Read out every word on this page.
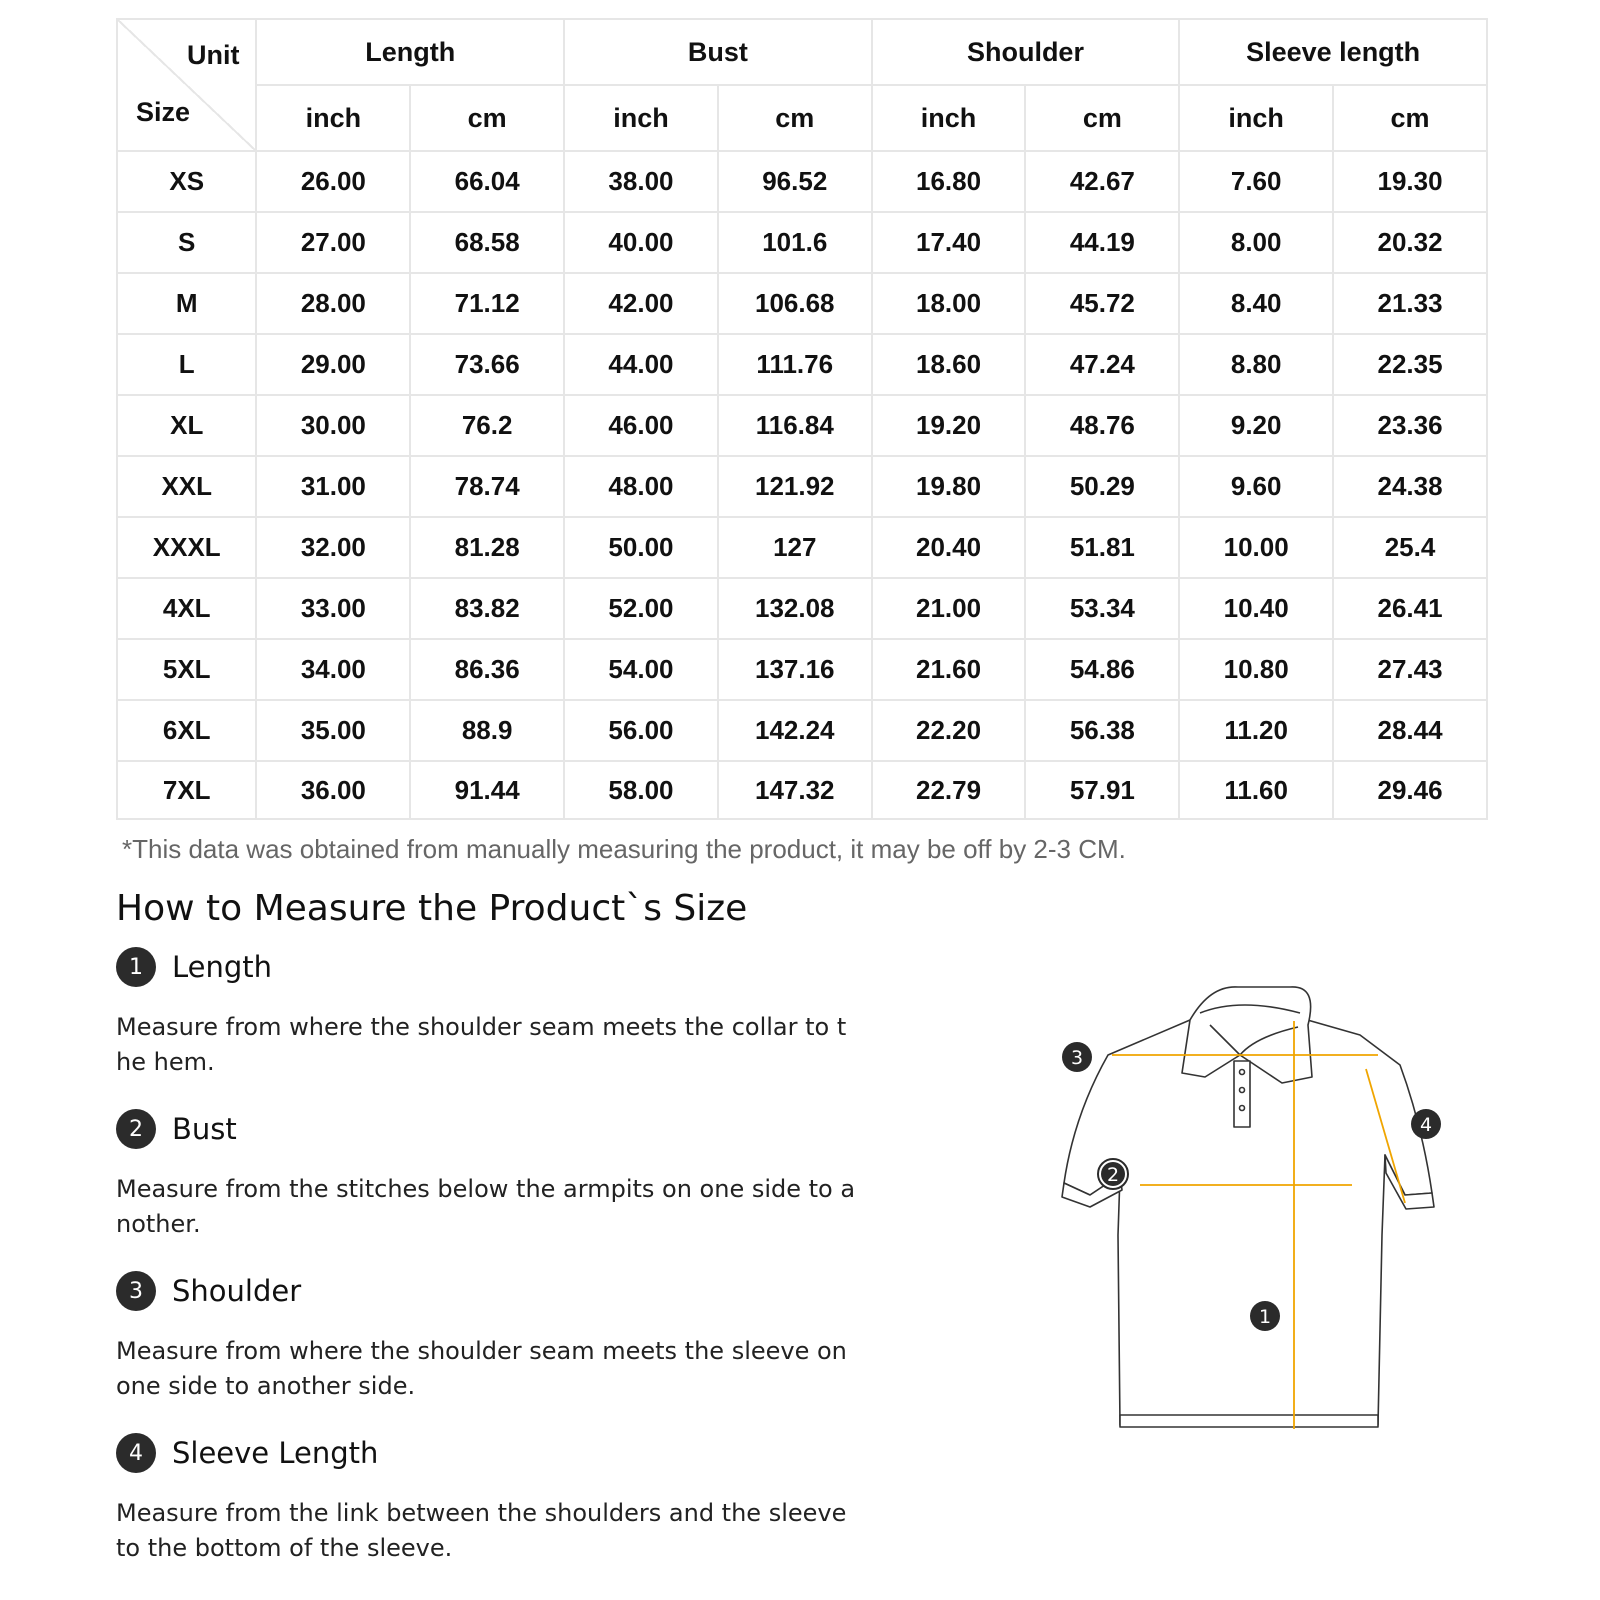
Unit
Size	Length		Bust		Shoulder		Sleeve length	
	inch	cm	inch	cm	inch	cm	inch	cm
XS	26.00	66.04	38.00	96.52	16.80	42.67	7.60	19.30
S	27.00	68.58	40.00	101.6	17.40	44.19	8.00	20.32
M	28.00	71.12	42.00	106.68	18.00	45.72	8.40	21.33
L	29.00	73.66	44.00	111.76	18.60	47.24	8.80	22.35
XL	30.00	76.2	46.00	116.84	19.20	48.76	9.20	23.36
XXL	31.00	78.74	48.00	121.92	19.80	50.29	9.60	24.38
XXXL	32.00	81.28	50.00	127	20.40	51.81	10.00	25.4
4XL	33.00	83.82	52.00	132.08	21.00	53.34	10.40	26.41
5XL	34.00	86.36	54.00	137.16	21.60	54.86	10.80	27.43
6XL	35.00	88.9	56.00	142.24	22.20	56.38	11.20	28.44
7XL	36.00	91.44	58.00	147.32	22.79	57.91	11.60	29.46
*This data was obtained from manually measuring the product, it may be off by 2-3 CM.
How to Measure the Product`s Size
1	Length
Measure from where the shoulder seam meets the collar to the hem.
2	Bust
Measure from the stitches below the armpits on one side to another.
3	Shoulder
Measure from where the shoulder seam meets the sleeve on one side to another side.
4	Sleeve Length
Measure from the link between the shoulders and the sleeve to the bottom of the sleeve.
1
2
3
4
